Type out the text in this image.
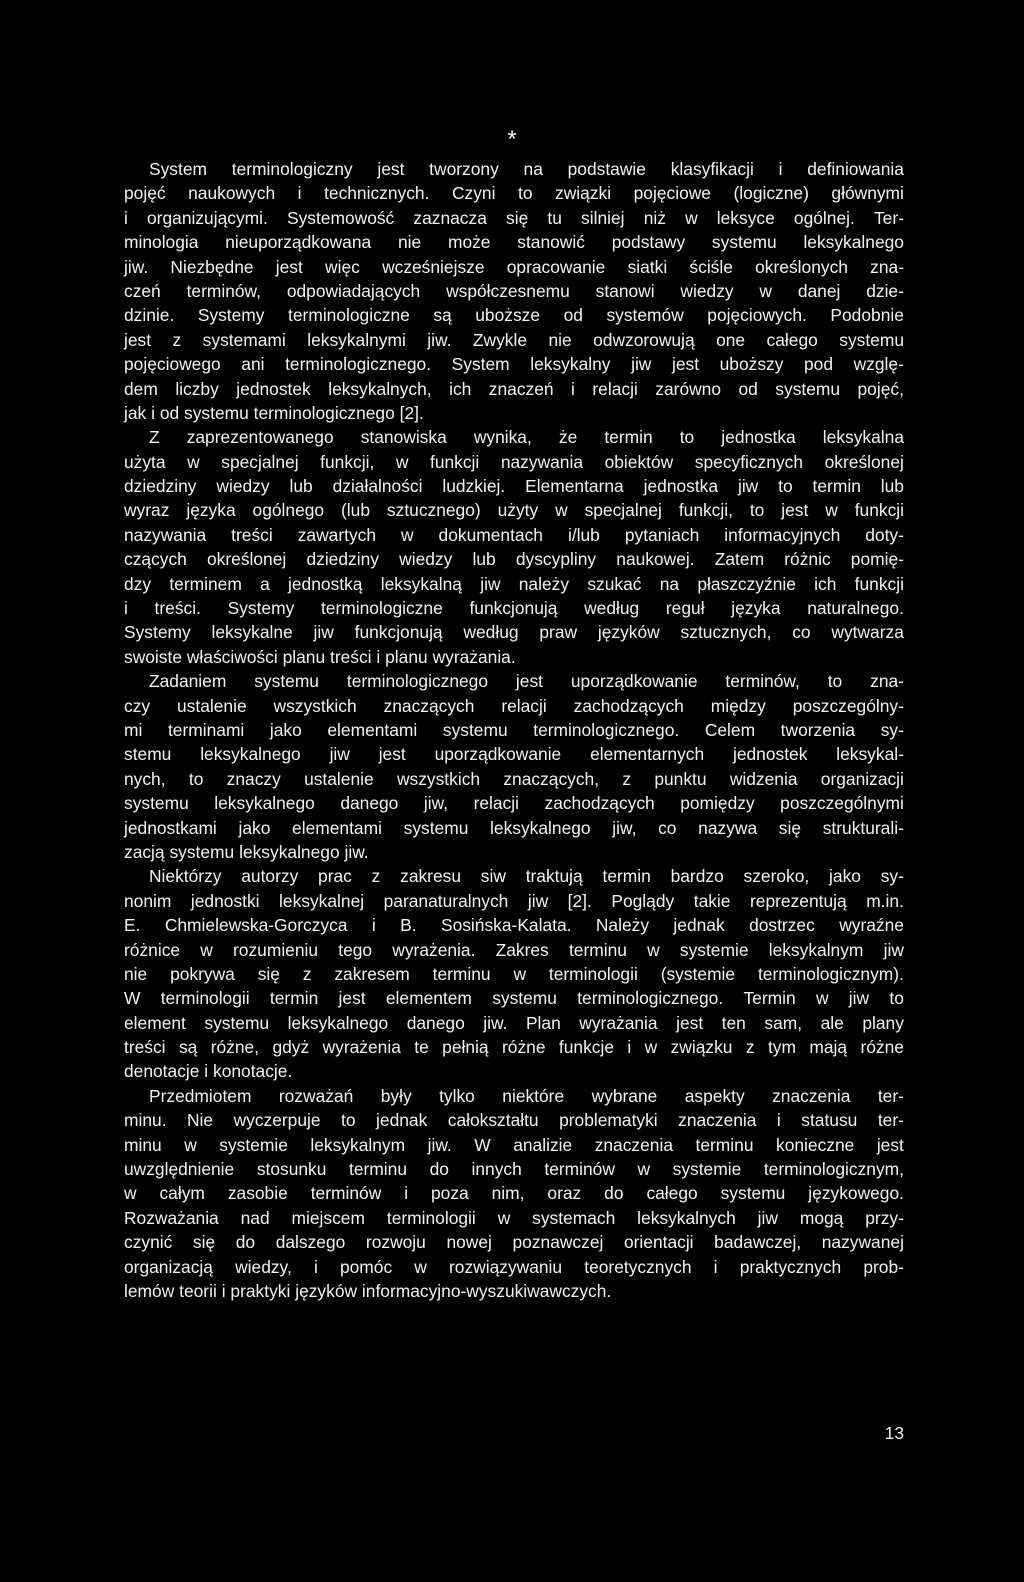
*
System terminologiczny jest tworzony na podstawie klasyfikacji i definiowania
pojęć naukowych i technicznych. Czyni to związki pojęciowe (logiczne) głównymi
i organizującymi. Systemowość zaznacza się tu silniej niż w leksyce ogólnej. Ter-
minologia nieuporządkowana nie może stanowić podstawy systemu leksykalnego
jiw. Niezbędne jest więc wcześniejsze opracowanie siatki ściśle określonych zna-
czeń terminów, odpowiadających współczesnemu stanowi wiedzy w danej dzie-
dzinie. Systemy terminologiczne są uboższe od systemów pojęciowych. Podobnie
jest z systemami leksykalnymi jiw. Zwykle nie odwzorowują one całego systemu
pojęciowego ani terminologicznego. System leksykalny jiw jest uboższy pod wzglę-
dem liczby jednostek leksykalnych, ich znaczeń i relacji zarówno od systemu pojęć,
jak i od systemu terminologicznego [2].
Z zaprezentowanego stanowiska wynika, że termin to jednostka leksykalna
użyta w specjalnej funkcji, w funkcji nazywania obiektów specyficznych określonej
dziedziny wiedzy lub działalności ludzkiej. Elementarna jednostka jiw to termin lub
wyraz języka ogólnego (lub sztucznego) użyty w specjalnej funkcji, to jest w funkcji
nazywania treści zawartych w dokumentach i/lub pytaniach informacyjnych doty-
czących określonej dziedziny wiedzy lub dyscypliny naukowej. Zatem różnic pomię-
dzy terminem a jednostką leksykalną jiw należy szukać na płaszczyźnie ich funkcji
i treści. Systemy terminologiczne funkcjonują według reguł języka naturalnego.
Systemy leksykalne jiw funkcjonują według praw języków sztucznych, co wytwarza
swoiste właściwości planu treści i planu wyrażania.
Zadaniem systemu terminologicznego jest uporządkowanie terminów, to zna-
czy ustalenie wszystkich znaczących relacji zachodzących między poszczególny-
mi terminami jako elementami systemu terminologicznego. Celem tworzenia sy-
stemu leksykalnego jiw jest uporządkowanie elementarnych jednostek leksykal-
nych, to znaczy ustalenie wszystkich znaczących, z punktu widzenia organizacji
systemu leksykalnego danego jiw, relacji zachodzących pomiędzy poszczególnymi
jednostkami jako elementami systemu leksykalnego jiw, co nazywa się strukturali-
zacją systemu leksykalnego jiw.
Niektórzy autorzy prac z zakresu siw traktują termin bardzo szeroko, jako sy-
nonim jednostki leksykalnej paranaturalnych jiw [2]. Poglądy takie reprezentują m.in.
E. Chmielewska-Gorczyca i B. Sosińska-Kalata. Należy jednak dostrzec wyraźne
różnice w rozumieniu tego wyrażenia. Zakres terminu w systemie leksykalnym jiw
nie pokrywa się z zakresem terminu w terminologii (systemie terminologicznym).
W terminologii termin jest elementem systemu terminologicznego. Termin w jiw to
element systemu leksykalnego danego jiw. Plan wyrażania jest ten sam, ale plany
treści są różne, gdyż wyrażenia te pełnią różne funkcje i w związku z tym mają różne
denotacje i konotacje.
Przedmiotem rozważań były tylko niektóre wybrane aspekty znaczenia ter-
minu. Nie wyczerpuje to jednak całokształtu problematyki znaczenia i statusu ter-
minu w systemie leksykalnym jiw. W analizie znaczenia terminu konieczne jest
uwzględnienie stosunku terminu do innych terminów w systemie terminologicznym,
w całym zasobie terminów i poza nim, oraz do całego systemu językowego.
Rozważania nad miejscem terminologii w systemach leksykalnych jiw mogą przy-
czynić się do dalszego rozwoju nowej poznawczej orientacji badawczej, nazywanej
organizacją wiedzy, i pomóc w rozwiązywaniu teoretycznych i praktycznych prob-
lemów teorii i praktyki języków informacyjno-wyszukiwawczych.
13
